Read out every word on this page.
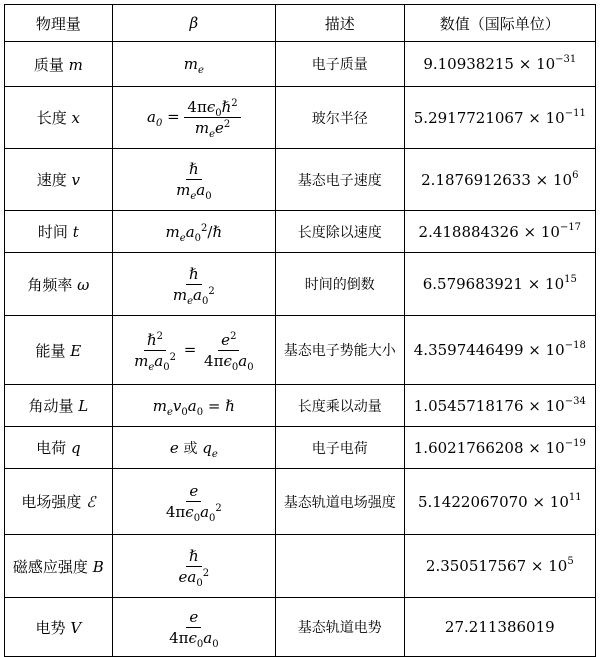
物理量	β	描述	数值（国际单位）
质量 m	$m_e$	电子质量	$9.10938215 \times 10^{-31}$
长度 x	$a_0 = \frac{4\pi\epsilon_0\hbar^2}{m_ee^2}$	玻尔半径	$5.2917721067 \times 10^{-11}$
速度 v	$\frac{\text{ℏ}}{m_ea_0}$	基态电子速度	$2.1876912633 \times 10^6$
时间 t	$m_ea_0^2/\hbar$	长度除以速度	$2.418884326 \times 10^{-17}$
角频率 ω	$\frac{\text{ℏ}}{m_ea_0^2}$	时间的倒数	$6.579683921 \times 10^{15}$
能量 E	$\frac{\hbar^2}{m_ea_0^2} = \frac{e^2}{4\pi\epsilon_0a_0}$	基态电子势能大小	$4.3597446499 \times 10^{-18}$
角动量 L	$m_ev_0a_0$ = ℏ	长度乘以动量	$1.0545718176 \times 10^{-34}$
电荷 q	e 或 $q_e$	电子电荷	$1.6021766208 \times 10^{-19}$
电场强度 ℰ	$\frac{e}{4\pi\epsilon_0a_0^2}$	基态轨道电场强度	$5.1422067070 \times 10^{11}$
磁感应强度 B	$\frac{\text{ℏ}}{ea_0^2}$		$2.350517567 \times 10^5$
电势 V	$\frac{e}{4\pi\epsilon_0a_0}$	基态轨道电势	27.211386019
